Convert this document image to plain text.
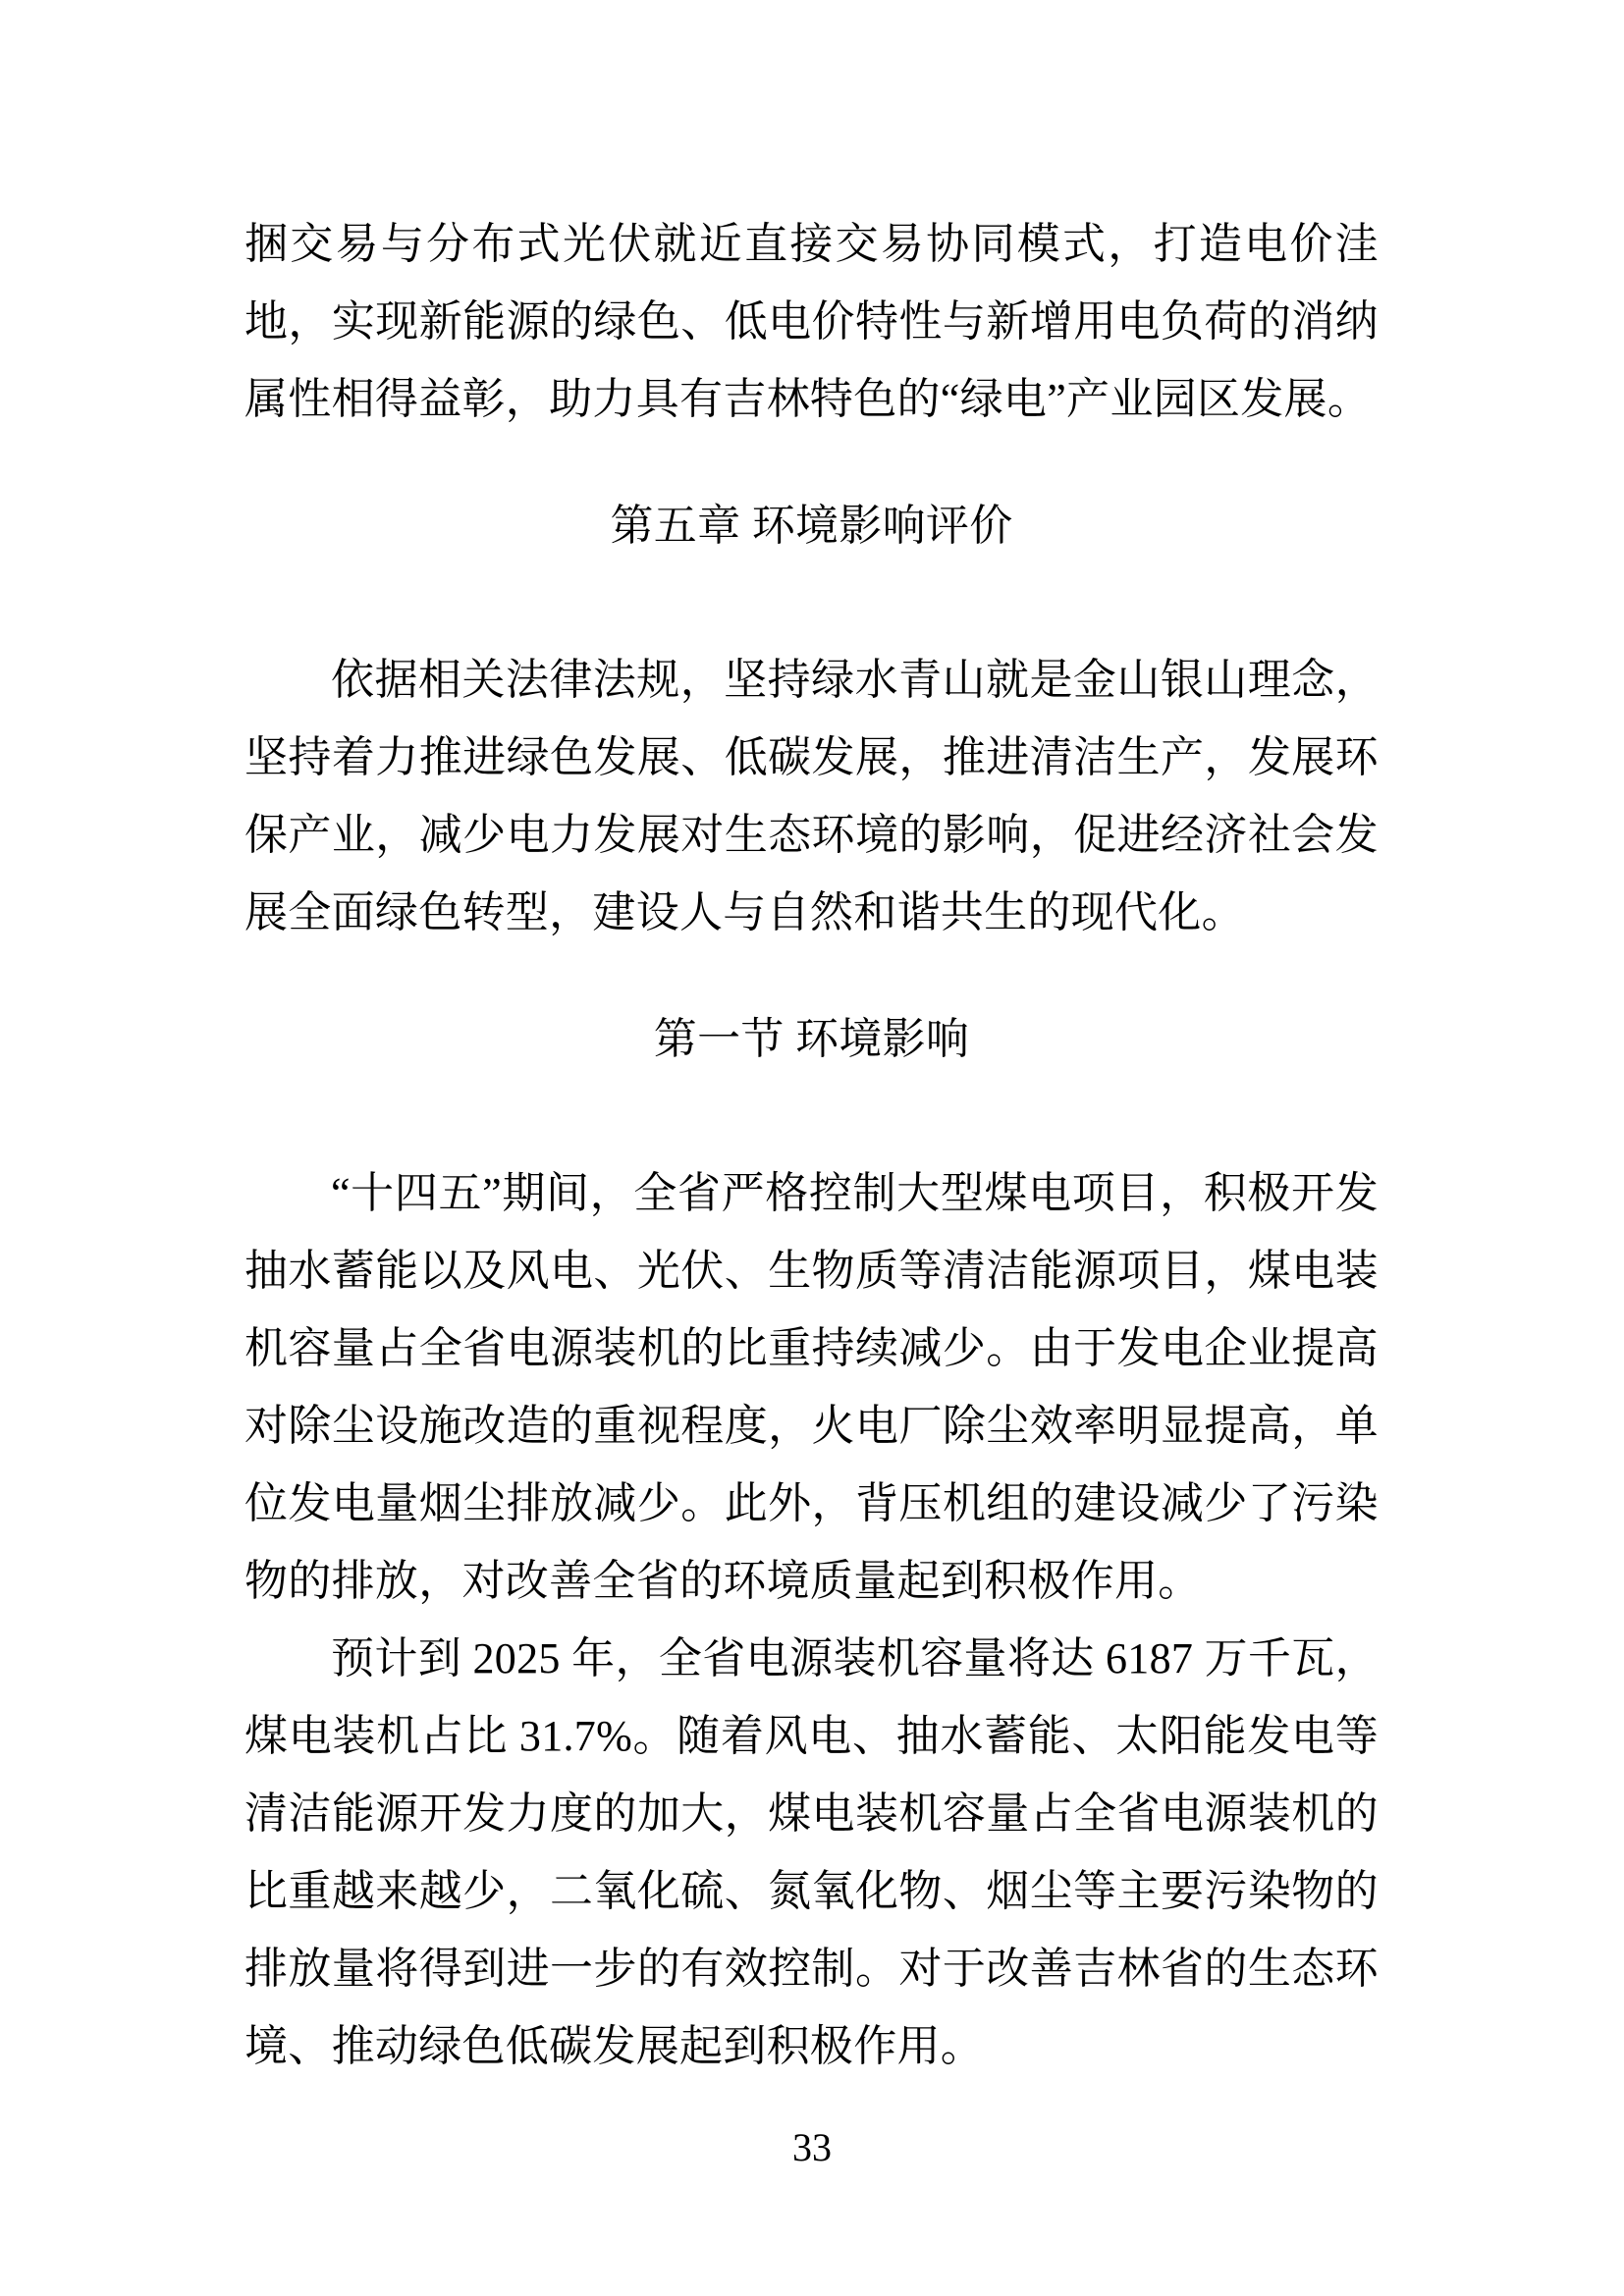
捆交易与分布式光伏就近直接交易协同模式，打造电价洼地，实现新能源的绿色、低电价特性与新增用电负荷的消纳属性相得益彰，助力具有吉林特色的“绿电”产业园区发展。

第五章 环境影响评价

依据相关法律法规，坚持绿水青山就是金山银山理念，坚持着力推进绿色发展、低碳发展，推进清洁生产，发展环保产业，减少电力发展对生态环境的影响，促进经济社会发展全面绿色转型，建设人与自然和谐共生的现代化。

第一节 环境影响

“十四五”期间，全省严格控制大型煤电项目，积极开发抽水蓄能以及风电、光伏、生物质等清洁能源项目，煤电装机容量占全省电源装机的比重持续减少。由于发电企业提高对除尘设施改造的重视程度，火电厂除尘效率明显提高，单位发电量烟尘排放减少。此外，背压机组的建设减少了污染物的排放，对改善全省的环境质量起到积极作用。

预计到 2025 年，全省电源装机容量将达 6187 万千瓦，煤电装机占比 31.7%。随着风电、抽水蓄能、太阳能发电等清洁能源开发力度的加大，煤电装机容量占全省电源装机的比重越来越少，二氧化硫、氮氧化物、烟尘等主要污染物的排放量将得到进一步的有效控制。对于改善吉林省的生态环境、推动绿色低碳发展起到积极作用。

33
